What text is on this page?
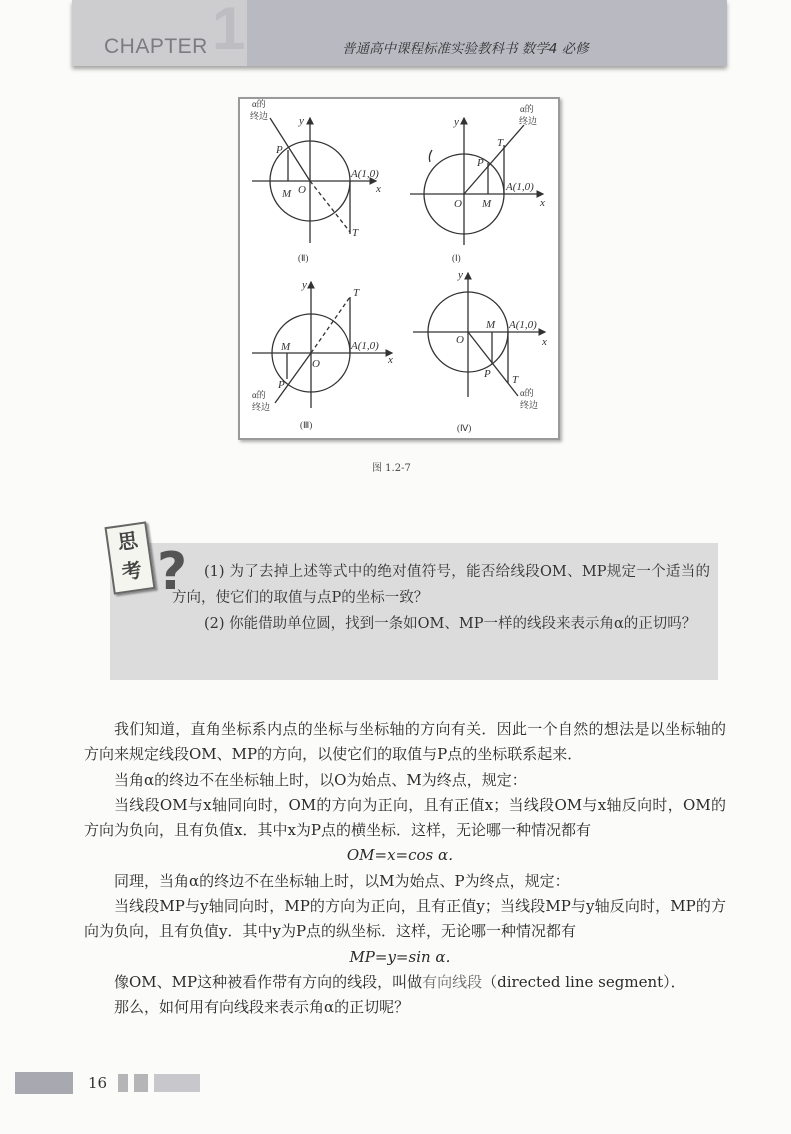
1
CHAPTER	普通高中课程标准实验教科书 数学4 必修
α的
终边	y
P
M O
A(1,0)
x
T
(Ⅱ)
α的
终边
y
T
P
A(1,0)
O M	x
(Ⅰ)
y
T
A(1,0)
M
O	x
P
α的
终边
(Ⅲ)
y
M A(1,0)
O	x
P T
α的
终边
(Ⅳ)
图 1.2-7
思
考 ?	(1) 为了去掉上述等式中的绝对值符号，能否给线段OM、MP规定一个适当的方向，使它们的取值与点P的坐标一致？
(2) 你能借助单位圆，找到一条如OM、MP一样的线段来表示角α的正切吗？

我们知道，直角坐标系内点的坐标与坐标轴的方向有关．因此一个自然的想法是以坐标轴的方向来规定线段OM、MP的方向，以使它们的取值与P点的坐标联系起来．

当角α的终边不在坐标轴上时，以O为始点、M为终点，规定：

当线段OM与x轴同向时，OM的方向为正向，且有正值x；当线段OM与x轴反向时，OM的方向为负向，且有负值x．其中x为P点的横坐标．这样，无论哪一种情况都有

OM=x=cos α．

同理，当角α的终边不在坐标轴上时，以M为始点、P为终点，规定：

当线段MP与y轴同向时，MP的方向为正向，且有正值y；当线段MP与y轴反向时，MP的方向为负向，且有负值y．其中y为P点的纵坐标．这样，无论哪一种情况都有

MP=y=sin α．

像OM、MP这种被看作带有方向的线段，叫做有向线段（directed line segment）．

那么，如何用有向线段来表示角α的正切呢？

16
